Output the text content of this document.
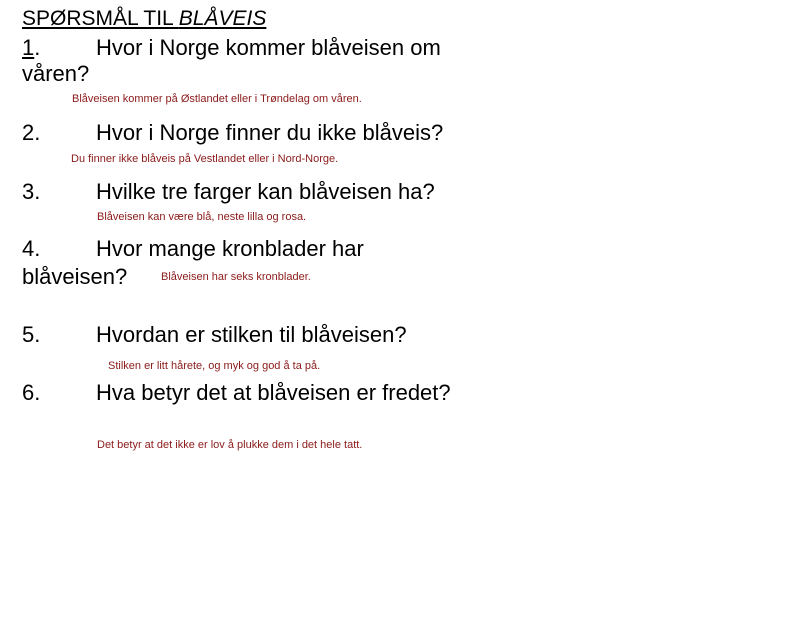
SPØRSMÅL TIL BLÅVEIS
1.	Hvor i Norge kommer blåveisen om
våren?
Blåveisen kommer på Østlandet eller i Trøndelag om våren.
2.	Hvor i Norge finner du ikke blåveis?
Du finner ikke blåveis på Vestlandet eller i Nord-Norge.
3.	Hvilke tre farger kan blåveisen ha?
Blåveisen kan være blå, neste lilla og rosa.
4.	Hvor mange kronblader har
blåveisen?	Blåveisen har seks kronblader.
5.	Hvordan er stilken til blåveisen?
Stilken er litt hårete, og myk og god å ta på.
6.	Hva betyr det at blåveisen er fredet?
Det betyr at det ikke er lov å plukke dem i det hele tatt.
